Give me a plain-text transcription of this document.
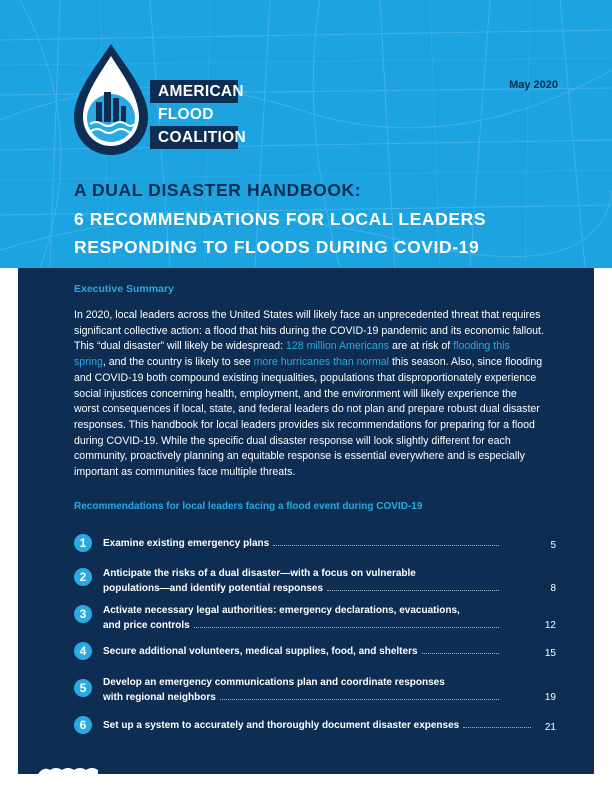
AMERICAN
FLOOD
COALITION
May 2020
A DUAL DISASTER HANDBOOK:
6 RECOMMENDATIONS FOR LOCAL LEADERS
RESPONDING TO FLOODS DURING COVID-19
Executive Summary
In 2020, local leaders across the United States will likely face an unprecedented threat that requires significant collective action: a flood that hits during the COVID-19 pandemic and its economic fallout. This “dual disaster” will likely be widespread: 128 million Americans are at risk of flooding this spring, and the country is likely to see more hurricanes than normal this season. Also, since flooding and COVID-19 both compound existing inequalities, populations that disproportionately experience social injustices concerning health, employment, and the environment will likely experience the worst consequences if local, state, and federal leaders do not plan and prepare robust dual disaster responses. This handbook for local leaders provides six recommendations for preparing for a flood during COVID-19. While the specific dual disaster response will look slightly different for each community, proactively planning an equitable response is essential everywhere and is especially important as communities face multiple threats.
Recommendations for local leaders facing a flood event during COVID-19
1	Examine existing emergency plans	5
2	Anticipate the risks of a dual disaster—with a focus on vulnerable
populations—and identify potential responses	8
3	Activate necessary legal authorities: emergency declarations, evacuations,
and price controls	12
4	Secure additional volunteers, medical supplies, food, and shelters	15
5	Develop an emergency communications plan and coordinate responses
with regional neighbors	19
6	Set up a system to accurately and thoroughly document disaster expenses	21
